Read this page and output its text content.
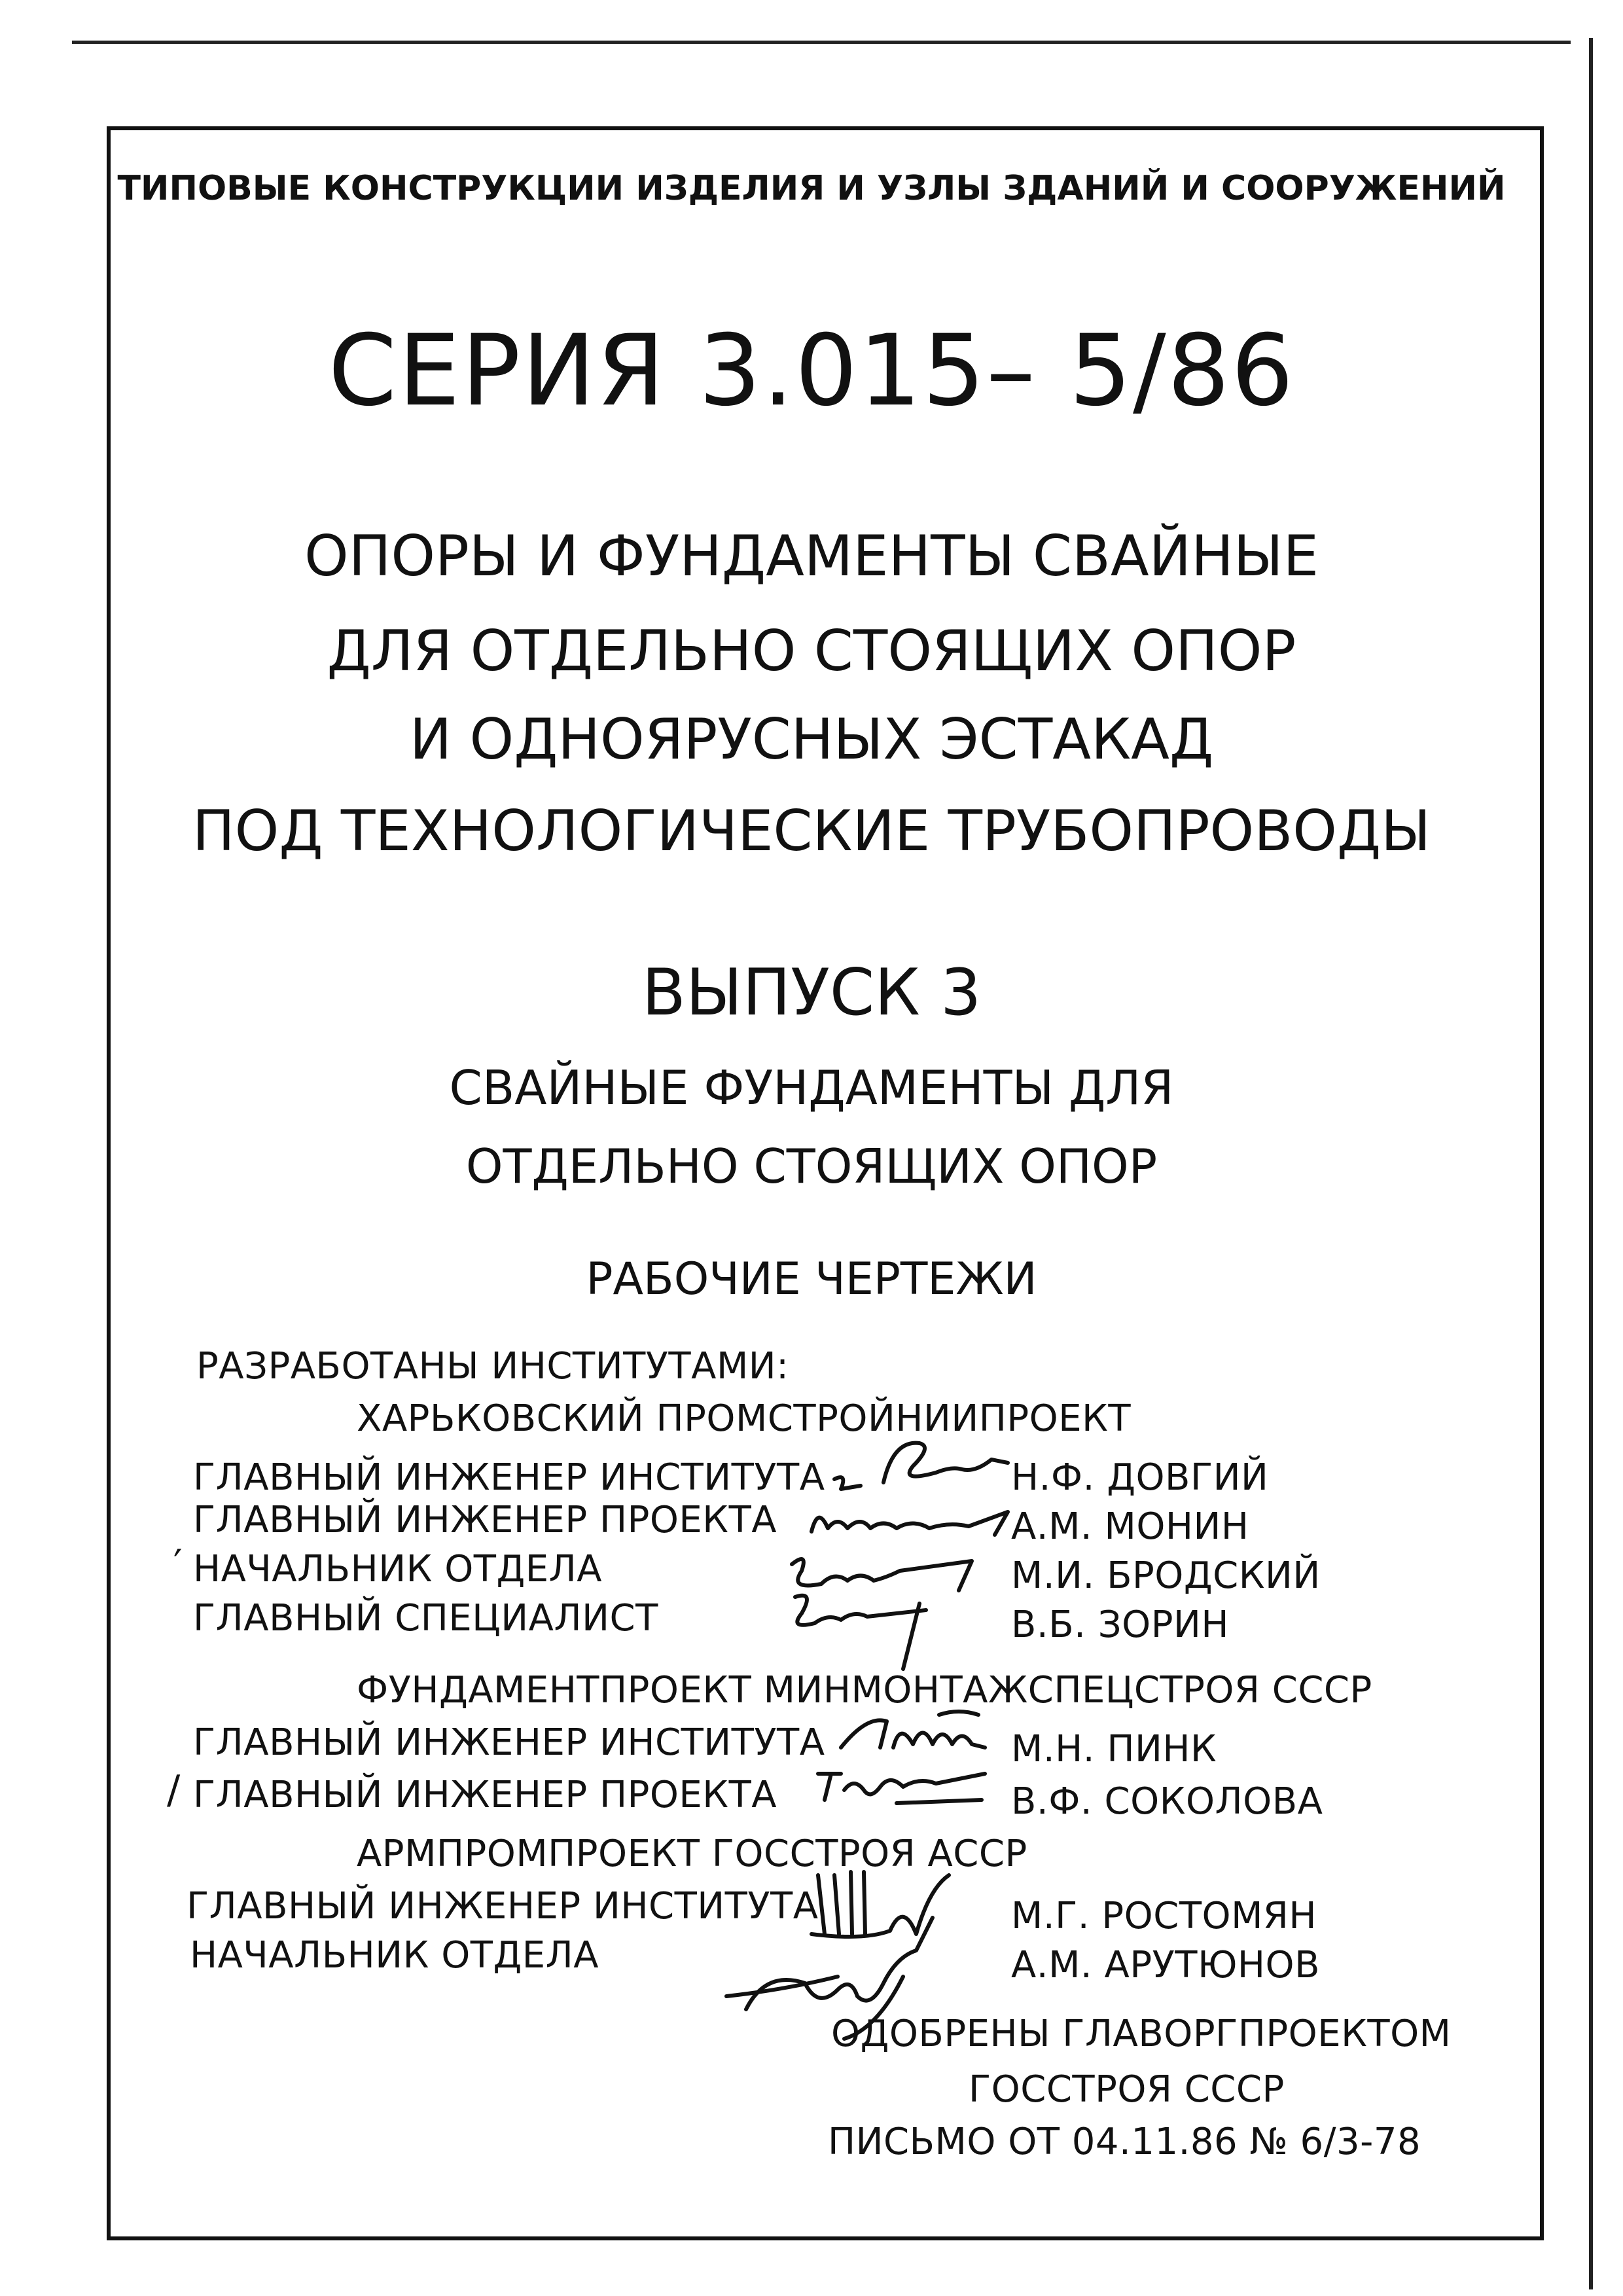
ТИПОВЫЕ КОНСТРУКЦИИ ИЗДЕЛИЯ И УЗЛЫ ЗДАНИЙ И СООРУЖЕНИЙ
СЕРИЯ 3.015– 5/86
ОПОРЫ И ФУНДАМЕНТЫ СВАЙНЫЕ
ДЛЯ ОТДЕЛЬНО СТОЯЩИХ ОПОР
И ОДНОЯРУСНЫХ ЭСТАКАД
ПОД ТЕХНОЛОГИЧЕСКИЕ ТРУБОПРОВОДЫ
ВЫПУСК 3
СВАЙНЫЕ ФУНДАМЕНТЫ ДЛЯ
ОТДЕЛЬНО СТОЯЩИХ ОПОР
РАБОЧИЕ ЧЕРТЕЖИ
РАЗРАБОТАНЫ ИНСТИТУТАМИ:
ХАРЬКОВСКИЙ ПРОМСТРОЙНИИПРОЕКТ
ГЛАВНЫЙ ИНЖЕНЕР ИНСТИТУТА	Н.Ф. ДОВГИЙ
ГЛАВНЫЙ ИНЖЕНЕР ПРОЕКТА	А.М. МОНИН
′ НАЧАЛЬНИК ОТДЕЛА	М.И. БРОДСКИЙ
ГЛАВНЫЙ СПЕЦИАЛИСТ	В.Б. ЗОРИН
ФУНДАМЕНТПРОЕКТ МИНМОНТАЖСПЕЦСТРОЯ СССР
ГЛАВНЫЙ ИНЖЕНЕР ИНСТИТУТА	М.Н. ПИНК
/ ГЛАВНЫЙ ИНЖЕНЕР ПРОЕКТА	В.Ф. СОКОЛОВА
АРМПРОМПРОЕКТ ГОССТРОЯ АССР
ГЛАВНЫЙ ИНЖЕНЕР ИНСТИТУТА	М.Г. РОСТОМЯН
НАЧАЛЬНИК ОТДЕЛА	А.М. АРУТЮНОВ
ОДОБРЕНЫ ГЛАВОРГПРОЕКТОМ
ГОССТРОЯ СССР
ПИСЬМО ОТ 04.11.86 № 6/3-78
